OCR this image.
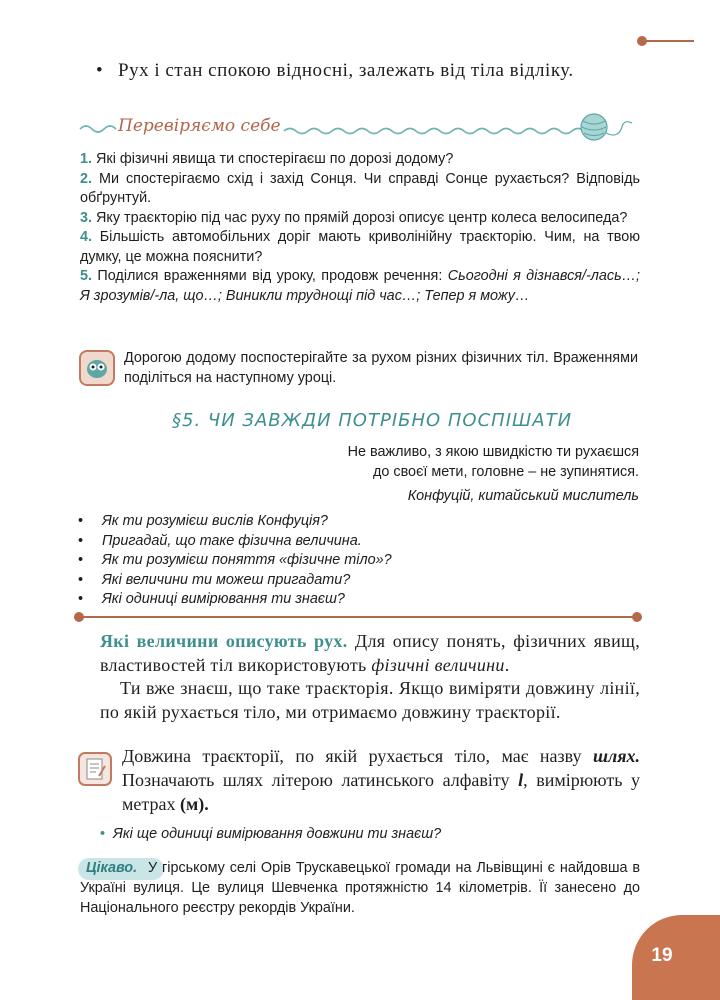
• Рух і стан спокою відносні, залежать від тіла відліку.
Перевіряємо себе

1. Які фізичні явища ти спостерігаєш по дорозі додому?

2. Ми спостерігаємо схід і захід Сонця. Чи справді Сонце рухається? Відповідь обґрунтуй.

3. Яку траєкторію під час руху по прямій дорозі описує центр колеса велосипеда?

4. Більшість автомобільних доріг мають криволінійну траєкторію. Чим, на твою думку, це можна пояснити?

5. Поділися враженнями від уроку, продовж речення: Сьогодні я дізнався/-лась…; Я зрозумів/-ла, що…; Виникли труднощі під час…; Тепер я можу…

Дорогою додому поспостерігайте за рухом різних фізичних тіл. Враженнями поділіться на наступному уроці.
§5. ЧИ ЗАВЖДИ ПОТРІБНО ПОСПІШАТИ
Не важливо, з якою швидкістю ти рухаєшся
до своєї мети, головне – не зупинятися.
Конфуцій, китайський мислитель
• Як ти розумієш вислів Конфуція?
• Пригадай, що таке фізична величина.
• Як ти розумієш поняття «фізичне тіло»?
• Які величини ти можеш пригадати?
• Які одиниці вимірювання ти знаєш?

Які величини описують рух. Для опису понять, фізичних явищ, властивостей тіл використовують фізичні величини.

Ти вже знаєш, що таке траєкторія. Якщо виміряти довжину лінії, по якій рухається тіло, ми отримаємо довжину траєкторії.

Довжина траєкторії, по якій рухається тіло, має назву шлях. Позначають шлях літерою латинського алфавіту l, вимірюють у метрах (м).
• Які ще одиниці вимірювання довжини ти знаєш?
Цікаво. У гірському селі Орів Трускавецької громади на Львівщині є найдовша в Україні вулиця. Це вулиця Шевченка протяжністю 14 кілометрів. Її занесено до Національного реєстру рекордів України.
19
